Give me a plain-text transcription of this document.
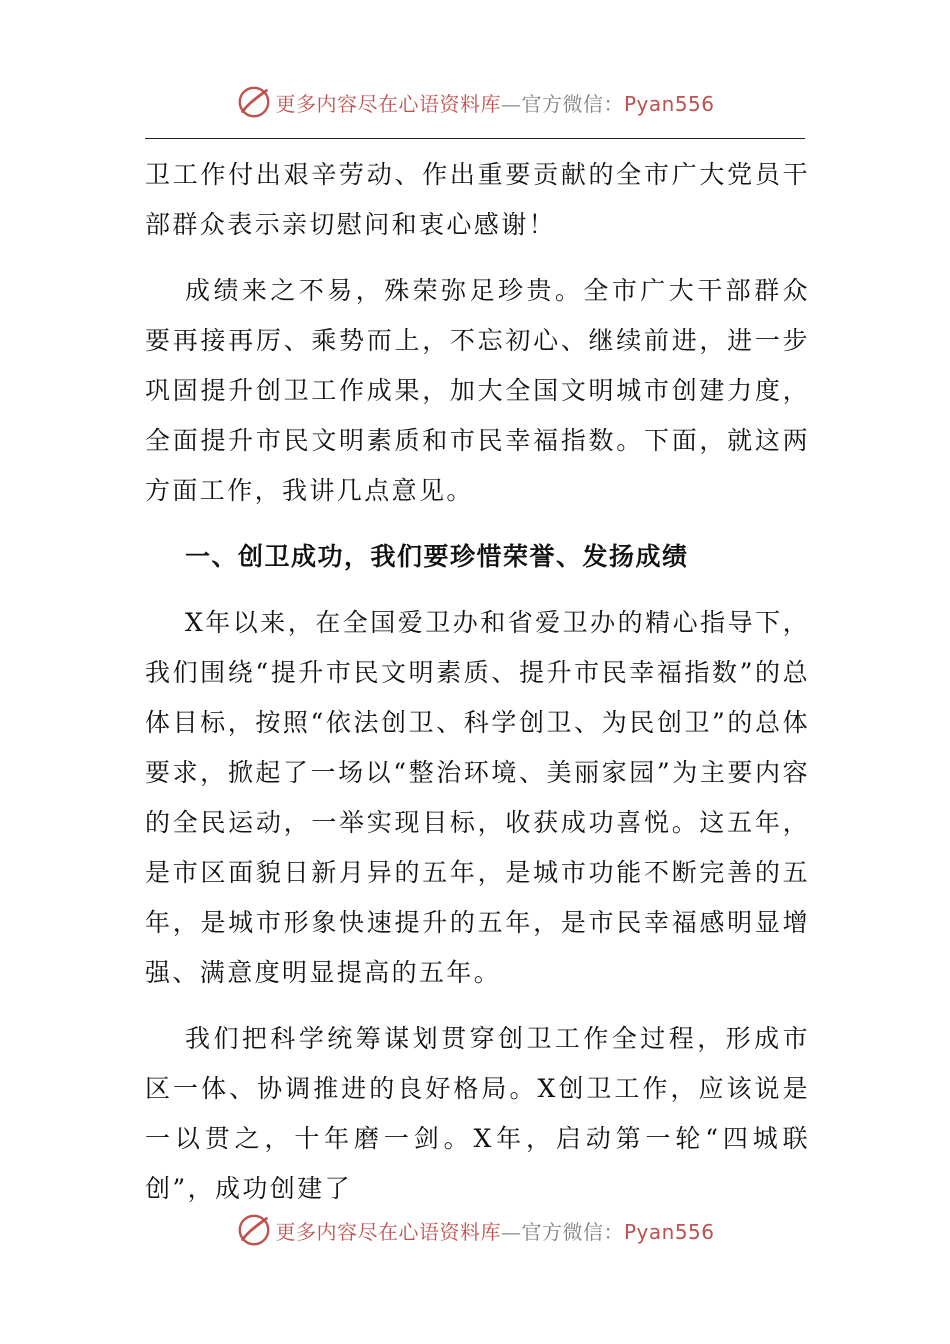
更多内容尽在心语资料库—官方微信：Pyan556

卫工作付出艰辛劳动、作出重要贡献的全市广大党员干部群众表示亲切慰问和衷心感谢！

成绩来之不易，殊荣弥足珍贵。全市广大干部群众要再接再厉、乘势而上，不忘初心、继续前进，进一步巩固提升创卫工作成果，加大全国文明城市创建力度，全面提升市民文明素质和市民幸福指数。下面，就这两方面工作，我讲几点意见。

一、创卫成功，我们要珍惜荣誉、发扬成绩

X年以来，在全国爱卫办和省爱卫办的精心指导下，我们围绕“提升市民文明素质、提升市民幸福指数”的总体目标，按照“依法创卫、科学创卫、为民创卫”的总体要求，掀起了一场以“整治环境、美丽家园”为主要内容的全民运动，一举实现目标，收获成功喜悦。这五年，是市区面貌日新月异的五年，是城市功能不断完善的五年，是城市形象快速提升的五年，是市民幸福感明显增强、满意度明显提高的五年。

我们把科学统筹谋划贯穿创卫工作全过程，形成市区一体、协调推进的良好格局。X创卫工作，应该说是一以贯之，十年磨一剑。X年，启动第一轮“四城联创”，成功创建了

更多内容尽在心语资料库—官方微信：Pyan556
